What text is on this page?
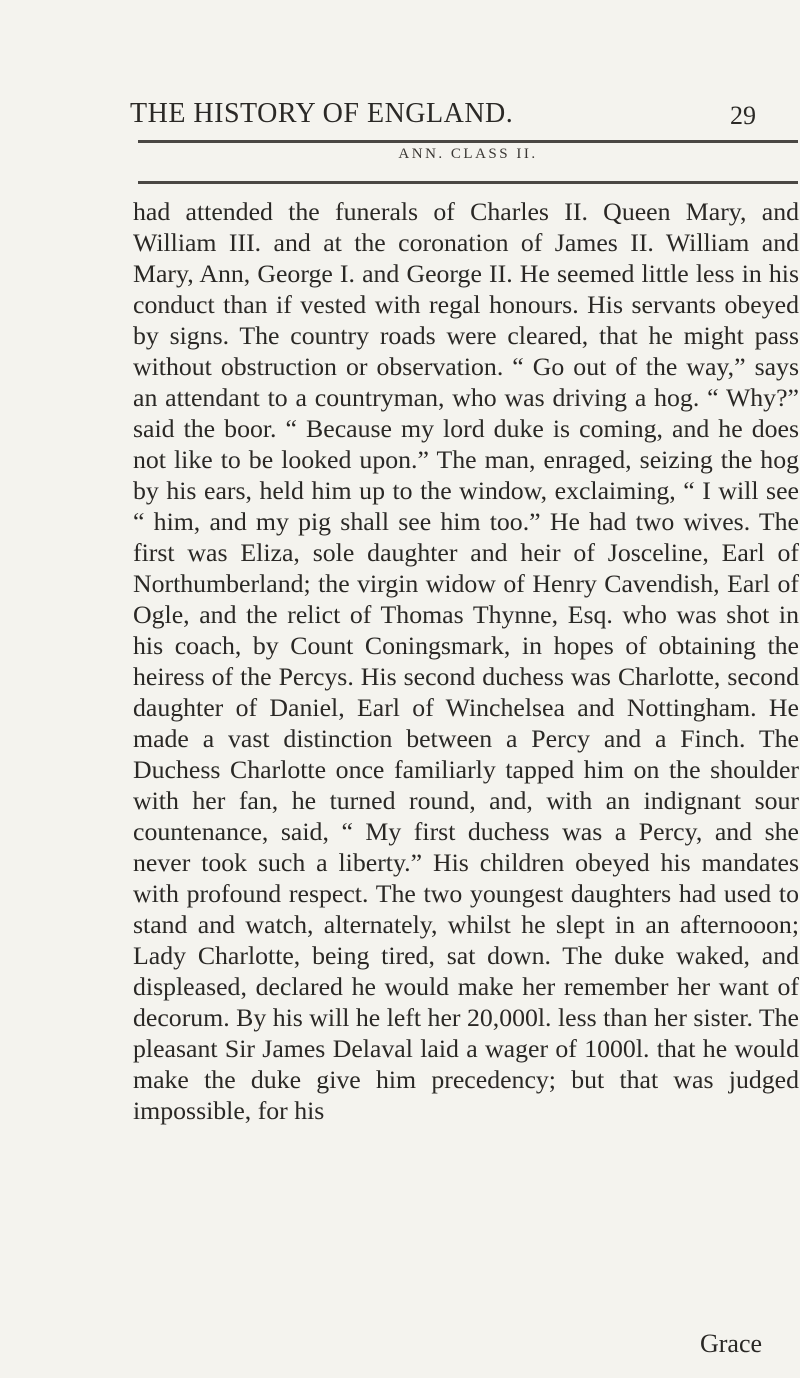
THE HISTORY OF ENGLAND.	29
ANN. CLASS II.

had attended the funerals of Charles II. Queen Mary, and William III. and at the coronation of James II. William and Mary, Ann, George I. and George II. He seemed little less in his conduct than if vested with regal honours. His servants obeyed by signs. The country roads were cleared, that he might pass without obstruction or observation. “ Go out of the way,” says an attendant to a countryman, who was driving a hog. “ Why?” said the boor. “ Because my lord duke is coming, and he does not like to be looked upon.” The man, enraged, seizing the hog by his ears, held him up to the window, exclaiming, “ I will see “ him, and my pig shall see him too.” He had two wives. The first was Eliza, sole daughter and heir of Josceline, Earl of Northumberland; the virgin widow of Henry Cavendish, Earl of Ogle, and the relict of Thomas Thynne, Esq. who was shot in his coach, by Count Coningsmark, in hopes of obtaining the heiress of the Percys. His second duchess was Charlotte, second daughter of Daniel, Earl of Winchelsea and Nottingham. He made a vast distinction between a Percy and a Finch. The Duchess Charlotte once familiarly tapped him on the shoulder with her fan, he turned round, and, with an indignant sour countenance, said, “ My first duchess was a Percy, and she never took such a liberty.” His children obeyed his mandates with profound respect. The two youngest daughters had used to stand and watch, alternately, whilst he slept in an afternooon; Lady Charlotte, being tired, sat down. The duke waked, and displeased, declared he would make her remember her want of decorum. By his will he left her 20,000l. less than her sister. The pleasant Sir James Delaval laid a wager of 1000l. that he would make the duke give him precedency; but that was judged impossible, for his

Grace
